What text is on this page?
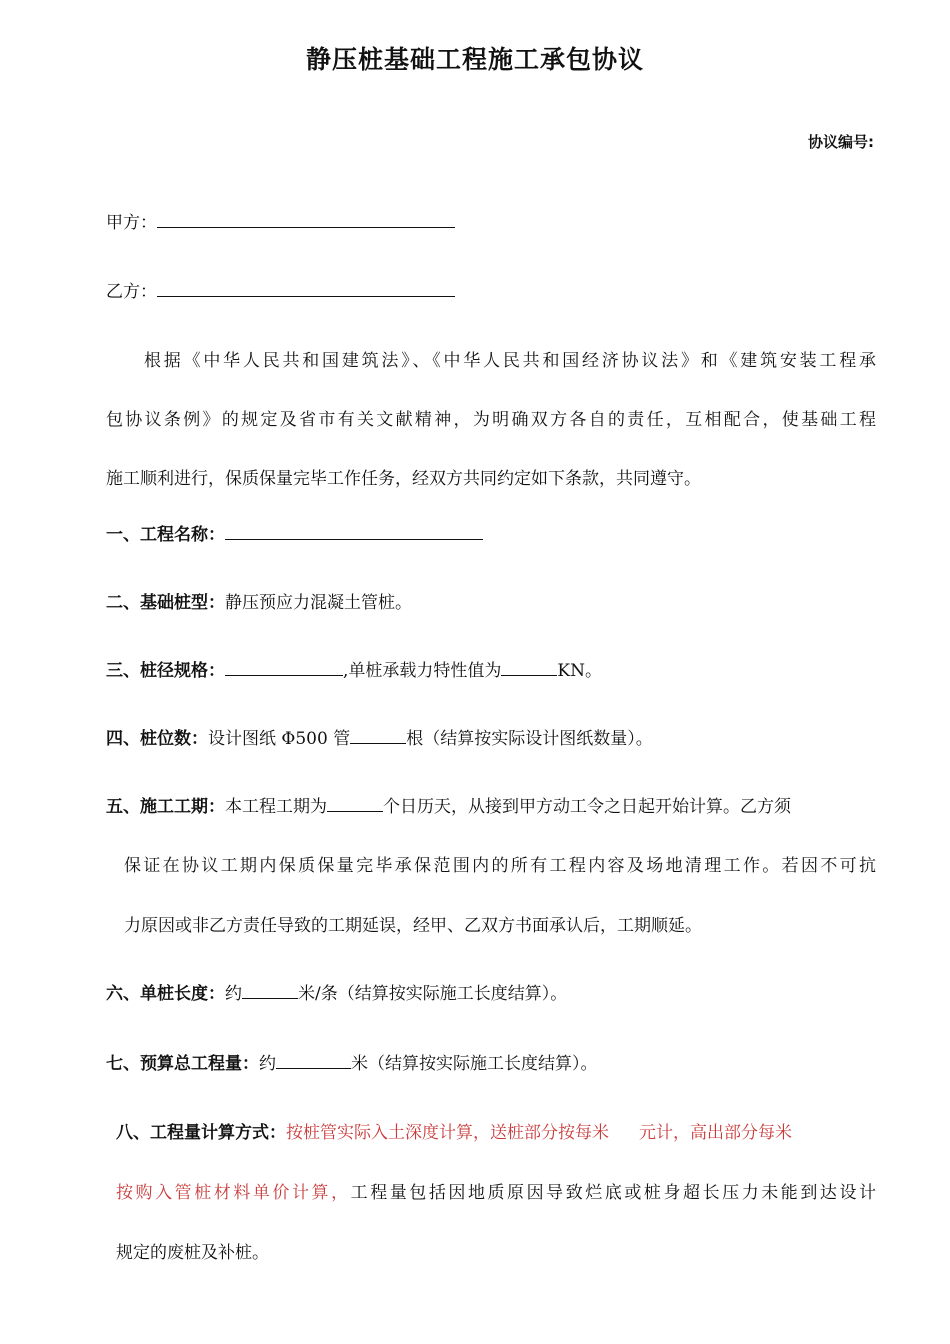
静压桩基础工程施工承包协议
协议编号:
甲方：
乙方：
根据《中华人民共和国建筑法》、《中华人民共和国经济协议法》和《建筑安装工程承
包协议条例》的规定及省市有关文献精神，为明确双方各自的责任，互相配合，使基础工程
施工顺利进行，保质保量完毕工作任务，经双方共同约定如下条款，共同遵守。
一、工程名称：
二、基础桩型：静压预应力混凝土管桩。
三、桩径规格：	,单桩承载力特性值为	KN。
四、桩位数：设计图纸 Φ500 管	根（结算按实际设计图纸数量）。
五、施工工期：本工程工期为	个日历天，从接到甲方动工令之日起开始计算。乙方须
保证在协议工期内保质保量完毕承保范围内的所有工程内容及场地清理工作。若因不可抗
力原因或非乙方责任导致的工期延误，经甲、乙双方书面承认后，工期顺延。
六、单桩长度：约	米/条（结算按实际施工长度结算）。
七、预算总工程量：约	米（结算按实际施工长度结算）。
八、工程量计算方式：按桩管实际入土深度计算，送桩部分按每米 元计，高出部分每米
按购入管桩材料单价计算，工程量包括因地质原因导致烂底或桩身超长压力未能到达设计
规定的废桩及补桩。
